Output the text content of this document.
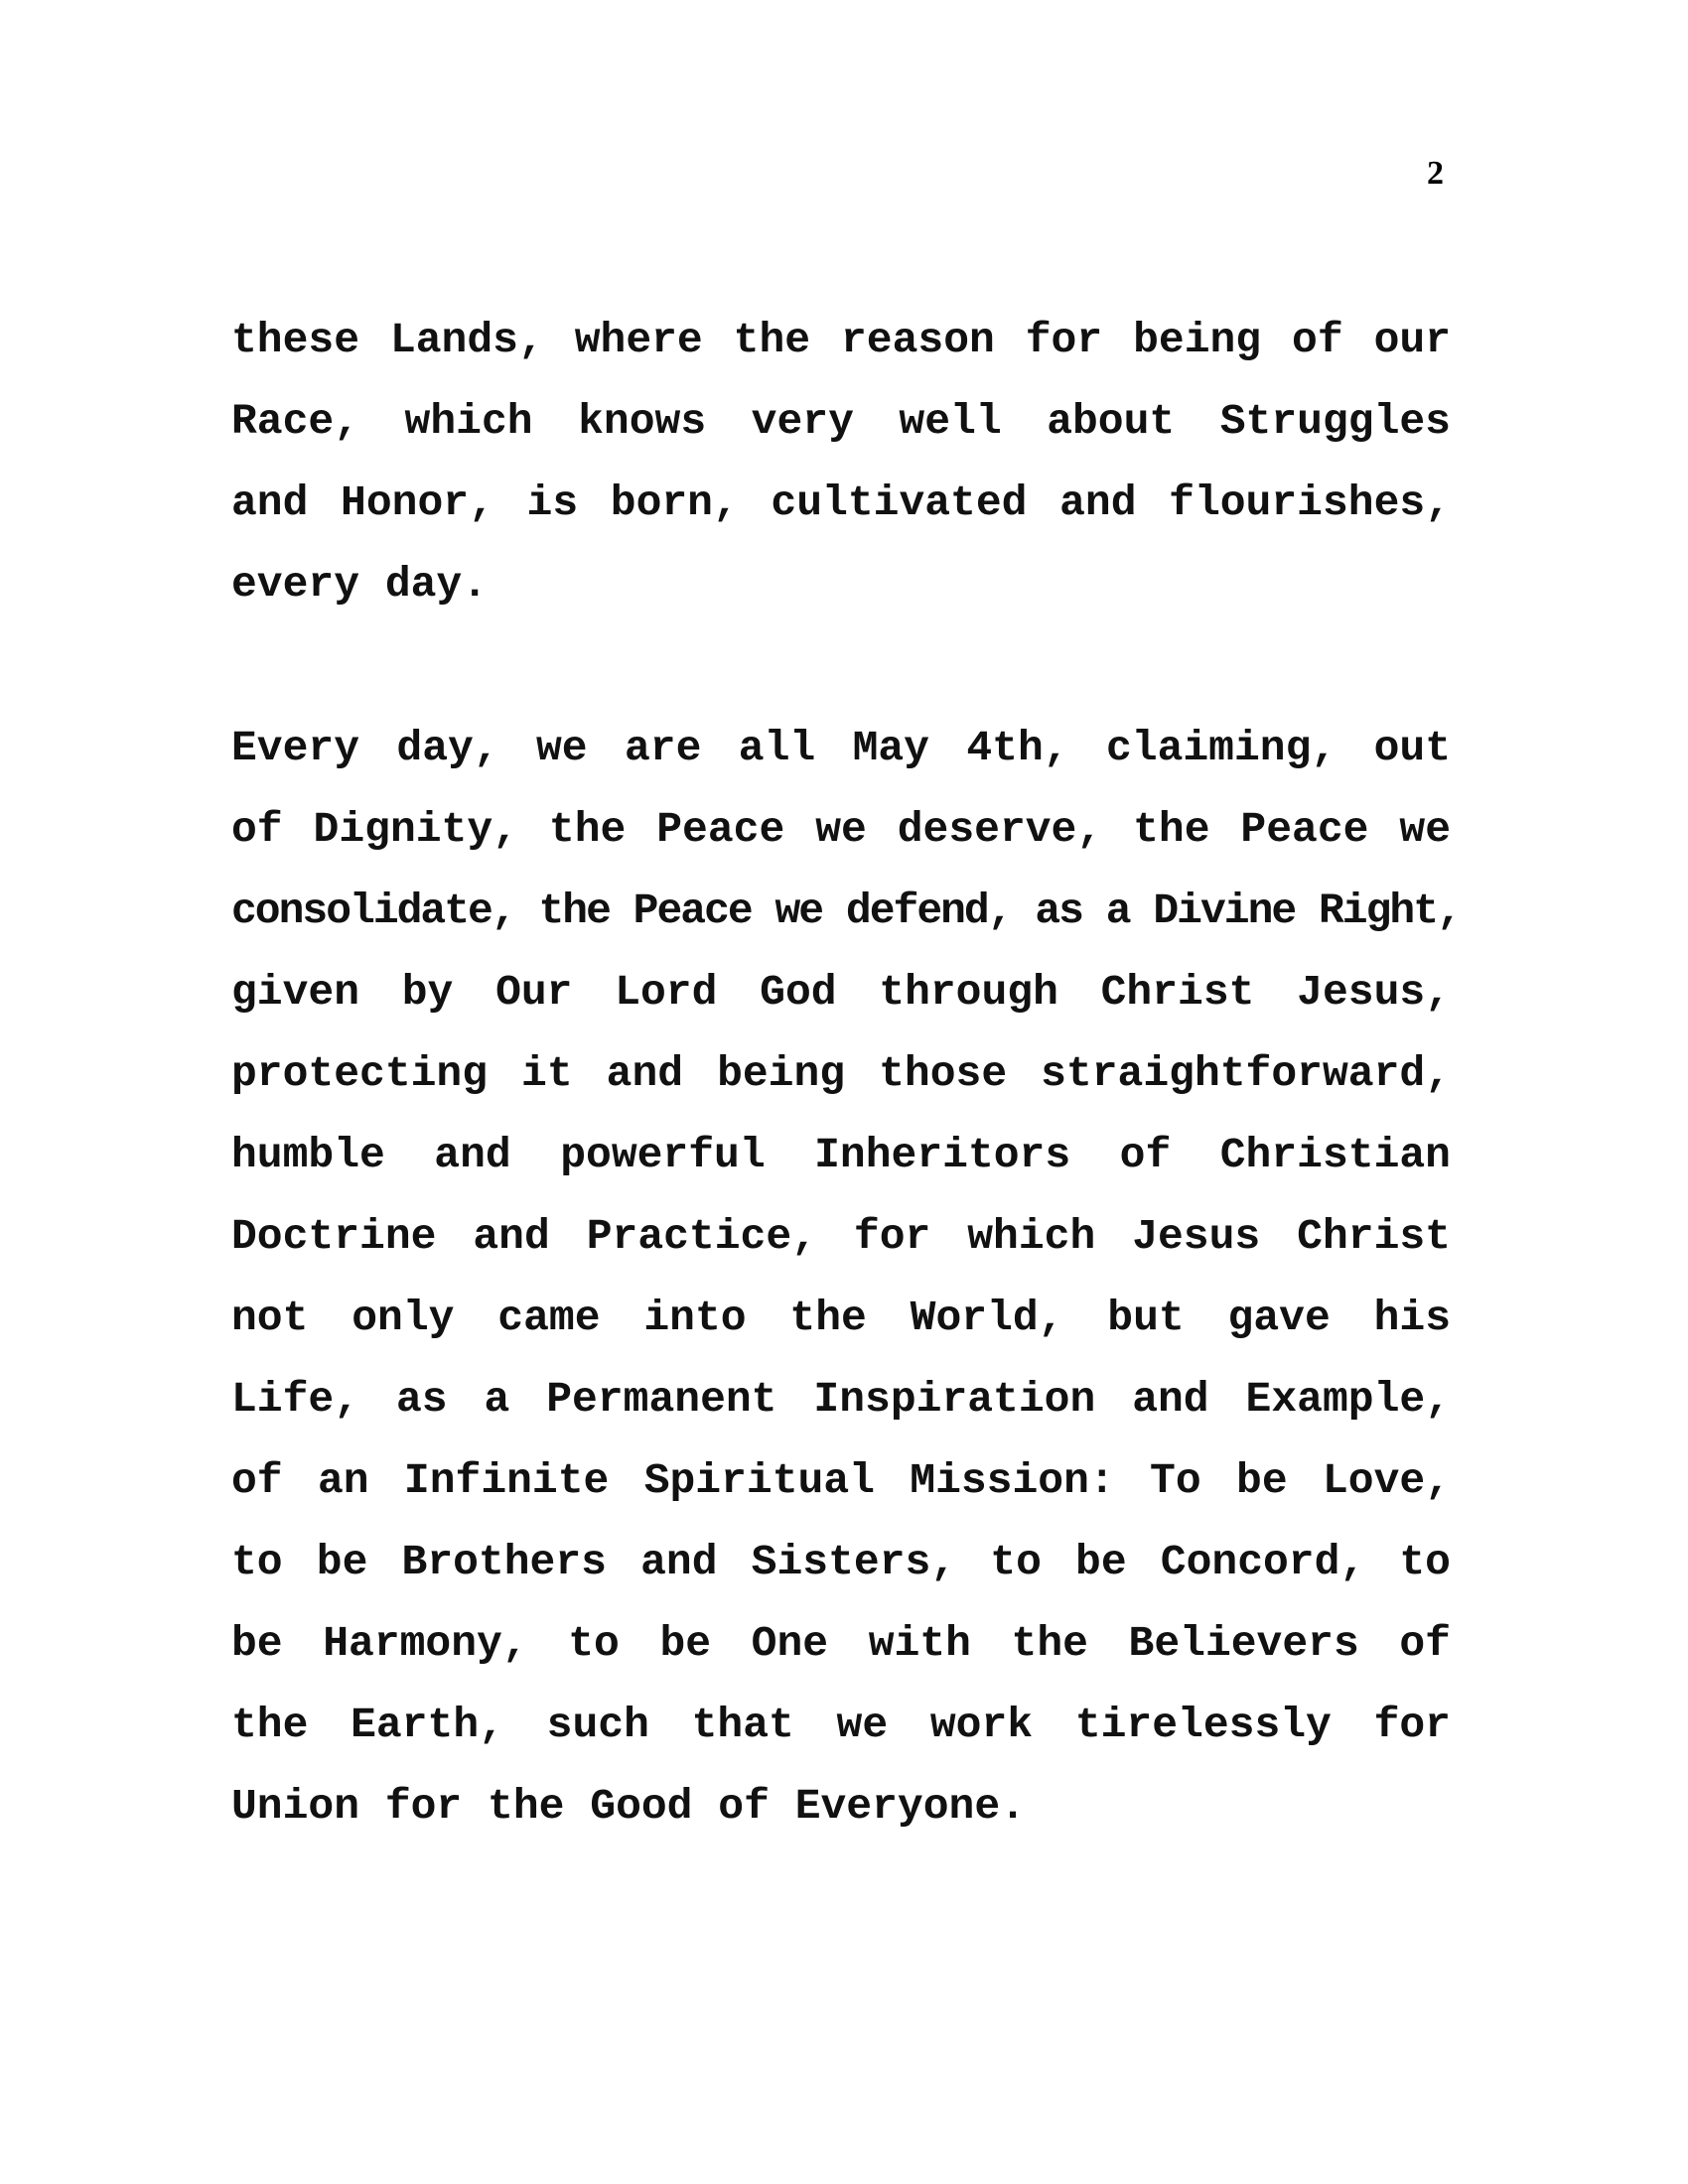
2
these Lands, where the reason for being of our
Race, which knows very well about Struggles
and Honor, is born, cultivated and flourishes,
every day.
Every day, we are all May 4th, claiming, out
of Dignity, the Peace we deserve, the Peace we
consolidate, the Peace we defend, as a Divine Right,
given by Our Lord God through Christ Jesus,
protecting it and being those straightforward,
humble and powerful Inheritors of Christian
Doctrine and Practice, for which Jesus Christ
not only came into the World, but gave his
Life, as a Permanent Inspiration and Example,
of an Infinite Spiritual Mission: To be Love,
to be Brothers and Sisters, to be Concord, to
be Harmony, to be One with the Believers of
the Earth, such that we work tirelessly for
Union for the Good of Everyone.
